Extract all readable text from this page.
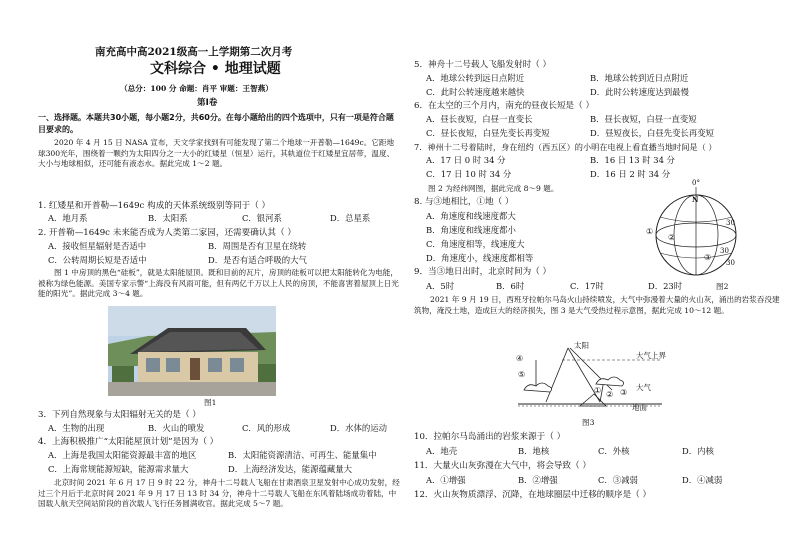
南充高中高2021级高一上学期第二次月考
文科综合 • 地理试题
（总分：100 分 命题：肖平 审题：王智燕）
第Ⅰ卷
一、选择题。本题共30小题，每小题2分，共60分。在每小题给出的四个选项中，只有一项是符合题目要求的。
2020 年 4 月 15 日 NASA 宣布，天文学家找到有可能发现了第二个地球一开普勒—1649c。它距地球300光年，围绕着一颗约为太阳四分之一大小的红矮星（恒星）运行，其轨道位于红矮星宜居带，温度、大小与地球相似，还可能有液态水。据此完成 1～2 题。
1. 红矮星和开普勒—1649c 构成的天体系统级别等同于（ ）
A．地月系	B．太阳系	C．银河系	D．总星系
2. 开普勒—1649c 未来能否成为人类第二家园，还需要确认其（ ）
A．接收恒星辐射是否适中	B．周围是否有卫星在绕转
C．公转周期长短是否适中	D．是否有适合呼吸的大气
图 1 中房顶的黑色“硅板”，就是太阳能屋顶。既和目前的瓦片，房顶的硅板可以把太阳能转化为电能，被称为绿色能源。美国专家示警“上海没有风雨可能，但有两亿千万以上人民的房顶，不能喜害着屋顶上日光能的阳光”。据此完成 3～4 题。
图1
3．下列自然现象与太阳辐射无关的是（ ）
A．生物的出现	B．火山的喷发	C．风的形成	D．水体的运动
4．上海积极推广“太阳能屋顶计划”是因为（ ）
A．上海是我国太阳能资源最丰富的地区	B．太阳能资源清洁、可再生、能量集中
C．上海常规能源短缺，能源需求量大	D．上海经济发达，能源蕴藏量大
北京时间 2021 年 6 月 17 日 9 时 22 分，神舟十二号载人飞船在甘肃酒泉卫星发射中心成功发射，经过三个月后于北京时间 2021 年 9 月 17 日 13 时 34 分，神舟十二号载人飞船在东风着陆场成功着陆，中国载人航天空间站阶段的首次载人飞行任务圆满收官。据此完成 5～7 题。
5．神舟十二号载人飞船发射时（ ）
A．地球公转到远日点附近	B．地球公转到近日点附近
C．此时公转速度越来越快	D．此时公转速度达到最慢
6．在太空的三个月内，南充的昼夜长短是（ ）
A．昼长夜短，白昼一直变长	B．昼长夜短，白昼一直变短
C．昼长夜短，白昼先变长再变短	D．昼短夜长，白昼先变长再变短
7．神州十二号着陆时，身在纽约（西五区）的小明在电视上看直播当地时间是（ ）
A．17 日 0 时 34 分	B．16 日 13 时 34 分
C．17 日 10 时 34 分	D．16 日 2 时 34 分
图 2 为经纬网图，据此完成 8～9 题。
8. 与③地相比，①地（ ）
A．角速度和线速度都大
B．角速度和线速度都小
C．角速度相等，线速度大
D．角速度小，线速度都相等
9．当③地日出时，北京时间为（ ）
A．5时	B．6时	C．17时	D．23时
0°
N
30
30
30
①
②
③
图2
2021 年 9 月 19 日，西班牙拉帕尔马岛火山持续喷发，大气中弥漫着大量的火山灰，涌出的岩浆吞没建筑物，淹没土地，造成巨大的经济损失，图 3 是大气受热过程示意图，据此完成 10～12 题。
太阳
大气上界
大气
地面
④
⑤
① ② ③
图3
10．拉帕尔马岛涌出的岩浆来源于（ ）
A．地壳	B．地核	C．外核	D．内核
11．大量火山灰弥漫在大气中，将会导致（ ）
A．①增强	B．②增强	C．③减弱	D．④减弱
12．火山灰物质漂浮、沉降，在地球圈层中迁移的顺序是（ ）
